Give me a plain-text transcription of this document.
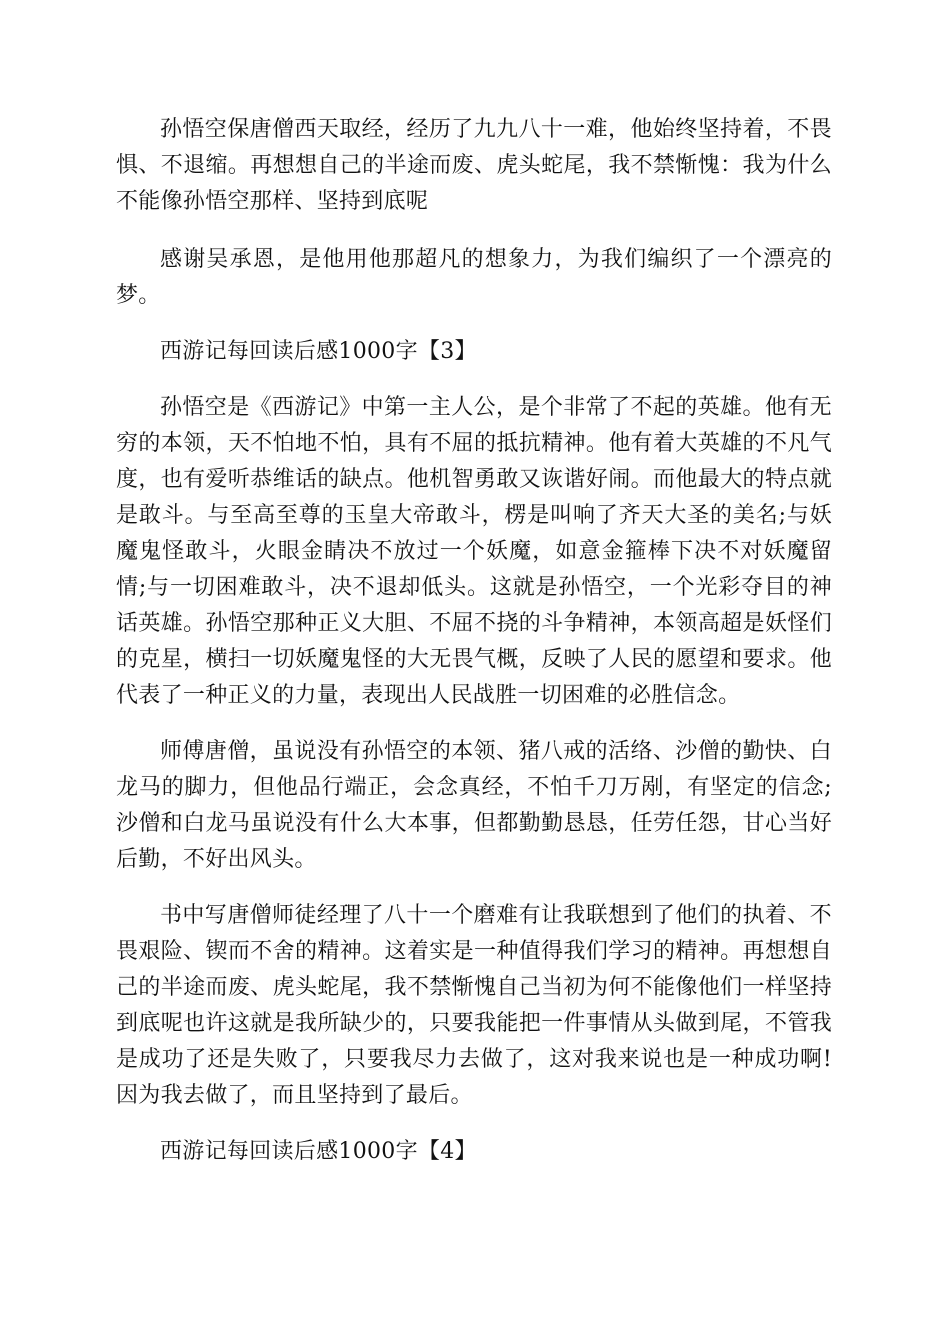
孙悟空保唐僧西天取经，经历了九九八十一难，他始终坚持着，不畏惧、不退缩。再想想自己的半途而废、虎头蛇尾，我不禁惭愧：我为什么不能像孙悟空那样、坚持到底呢

感谢吴承恩，是他用他那超凡的想象力，为我们编织了一个漂亮的梦。

西游记每回读后感1000字【3】

孙悟空是《西游记》中第一主人公，是个非常了不起的英雄。他有无穷的本领，天不怕地不怕，具有不屈的抵抗精神。他有着大英雄的不凡气度，也有爱听恭维话的缺点。他机智勇敢又诙谐好闹。而他最大的特点就是敢斗。与至高至尊的玉皇大帝敢斗，楞是叫响了齐天大圣的美名;与妖魔鬼怪敢斗，火眼金睛决不放过一个妖魔，如意金箍棒下决不对妖魔留情;与一切困难敢斗，决不退却低头。这就是孙悟空，一个光彩夺目的神话英雄。孙悟空那种正义大胆、不屈不挠的斗争精神，本领高超是妖怪们的克星，横扫一切妖魔鬼怪的大无畏气概，反映了人民的愿望和要求。他代表了一种正义的力量，表现出人民战胜一切困难的必胜信念。

师傅唐僧，虽说没有孙悟空的本领、猪八戒的活络、沙僧的勤快、白龙马的脚力，但他品行端正，会念真经，不怕千刀万剐，有坚定的信念;沙僧和白龙马虽说没有什么大本事，但都勤勤恳恳，任劳任怨，甘心当好后勤，不好出风头。

书中写唐僧师徒经理了八十一个磨难有让我联想到了他们的执着、不畏艰险、锲而不舍的精神。这着实是一种值得我们学习的精神。再想想自己的半途而废、虎头蛇尾，我不禁惭愧自己当初为何不能像他们一样坚持到底呢也许这就是我所缺少的，只要我能把一件事情从头做到尾，不管我是成功了还是失败了，只要我尽力去做了，这对我来说也是一种成功啊!因为我去做了，而且坚持到了最后。

西游记每回读后感1000字【4】
